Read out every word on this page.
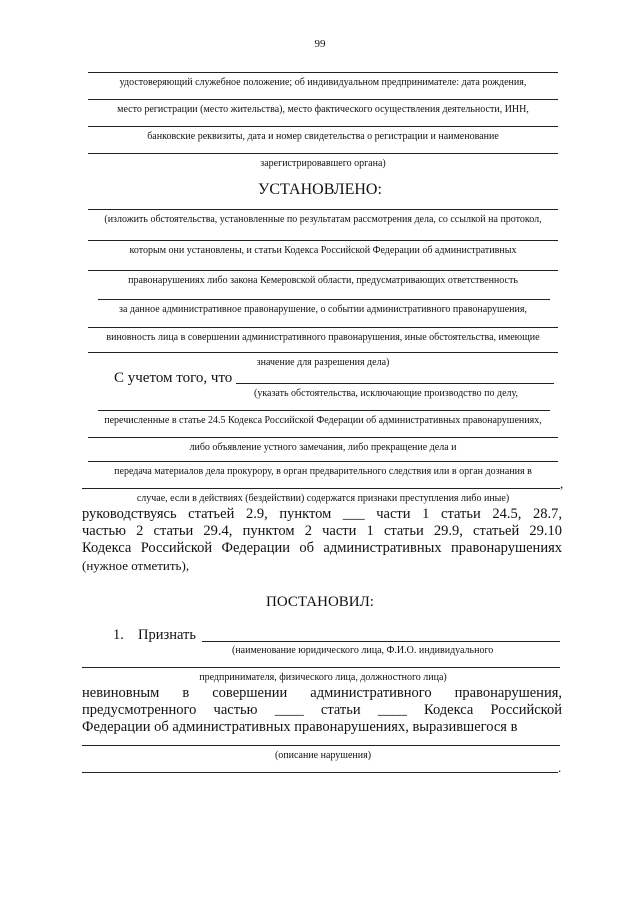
99
удостоверяющий служебное положение; об индивидуальном предпринимателе: дата рождения,
место регистрации (место жительства), место фактического осуществления деятельности, ИНН,
банковские реквизиты, дата и номер свидетельства о регистрации и наименование
зарегистрировавшего органа)
УСТАНОВЛЕНО:
(изложить обстоятельства, установленные по результатам рассмотрения дела, со ссылкой на протокол,
которым они установлены, и статьи Кодекса Российской Федерации об административных
правонарушениях либо закона Кемеровской области, предусматривающих ответственность
за данное административное правонарушение, о событии административного правонарушения,
виновность лица в совершении административного правонарушения, иные обстоятельства, имеющие
значение для разрешения дела)
С учетом того, что
(указать обстоятельства, исключающие производство по делу,
перечисленные в статье 24.5 Кодекса Российской Федерации об административных правонарушениях,
либо объявление устного замечания, либо прекращение дела и
передача материалов дела прокурору, в орган предварительного следствия или в орган дознания в
,
случае, если в действиях (бездействии) содержатся признаки преступления либо иные)
руководствуясь статьей 2.9, пунктом ___ части 1 статьи 24.5, 28.7,
частью 2 статьи 29.4, пунктом 2 части 1 статьи 29.9, статьей 29.10
Кодекса Российской Федерации об административных правонарушениях
(нужное отметить),
ПОСТАНОВИЛ:
1. Признать
(наименование юридического лица, Ф.И.О. индивидуального
предпринимателя, физического лица, должностного лица)
невиновным в совершении административного правонарушения,
предусмотренного частью ____ статьи ____ Кодекса Российской
Федерации об административных правонарушениях, выразившегося в
(описание нарушения)
.
